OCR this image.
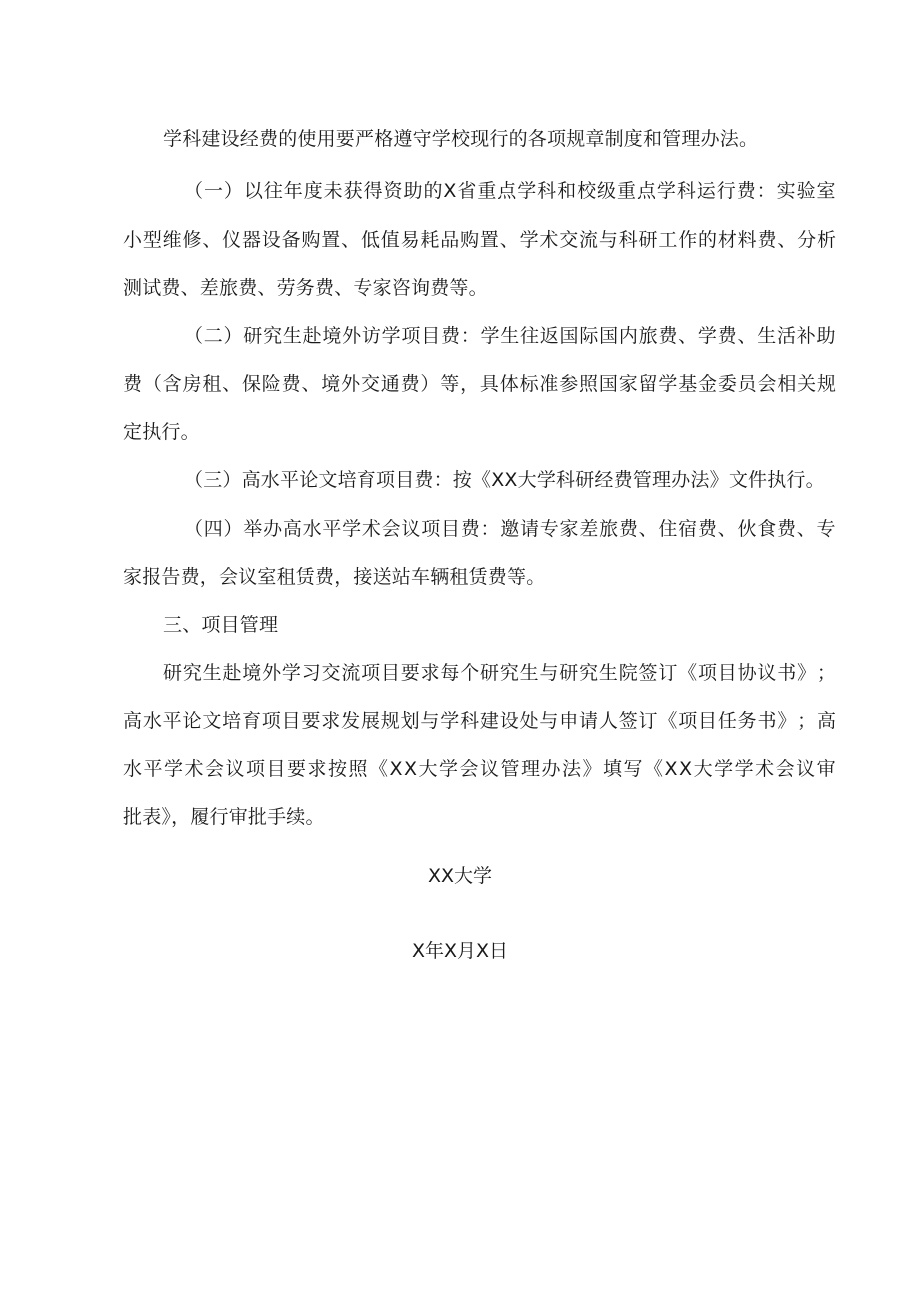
学科建设经费的使用要严格遵守学校现行的各项规章制度和管理办法。
（ 一 ） 以 往 年 度 未 获 得 资 助 的 X 省 重 点 学 科 和 校 级 重 点 学 科 运 行 费 ： 实 验 室
小 型 维 修 、 仪 器 设 备 购 置 、 低 值 易 耗 品 购 置 、 学 术 交 流 与 科 研 工 作 的 材 料 费 、 分 析
测试费、差旅费、劳务费、专家咨询费等。
（ 二 ） 研 究 生 赴 境 外 访 学 项 目 费 ： 学 生 往 返 国 际 国 内 旅 费 、 学 费 、 生 活 补 助
费 （ 含 房 租 、 保 险 费 、 境 外 交 通 费 ） 等 ， 具 体 标 准 参 照 国 家 留 学 基 金 委 员 会 相 关 规
定执行。
（三）高水平论文培育项目费：按《XX大学科研经费管理办法》文件执行。
（ 四 ） 举 办 高 水 平 学 术 会 议 项 目 费 ： 邀 请 专 家 差 旅 费 、 住 宿 费 、 伙 食 费 、 专
家报告费，会议室租赁费，接送站车辆租赁费等。
三、项目管理
研 究 生 赴 境 外 学 习 交 流 项 目 要 求 每 个 研 究 生 与 研 究 生 院 签 订 《 项 目 协 议 书 》 ；
高 水 平 论 文 培 育 项 目 要 求 发 展 规 划 与 学 科 建 设 处 与 申 请 人 签 订 《 项 目 任 务 书 》 ； 高
水 平 学 术 会 议 项 目 要 求 按 照 《 X X 大 学 会 议 管 理 办 法 》 填 写 《 X X 大 学 学 术 会 议 审
批表》，履行审批手续。
XX大学
X年X月X日
